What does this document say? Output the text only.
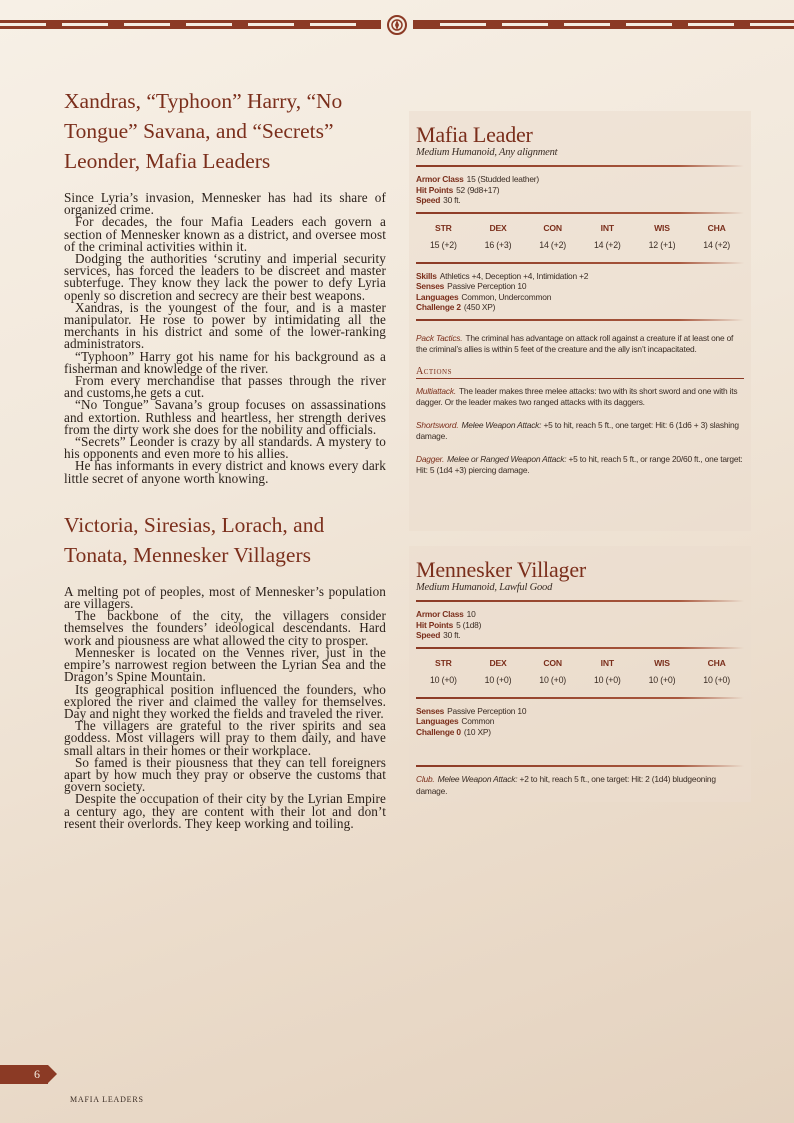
Xandras, “Typhoon” Harry, “No Tongue” Savana, and “Secrets” Leonder, Mafia Leaders

Since Lyria’s invasion, Mennesker has had its share of organized crime.

For decades, the four Mafia Leaders each govern a section of Mennesker known as a district, and oversee most of the criminal activities within it.

Dodging the authorities ‘scrutiny and imperial security services, has forced the leaders to be discreet and master subterfuge. They know they lack the power to defy Lyria openly so discretion and secrecy are their best weapons.

Xandras, is the youngest of the four, and is a master manipulator. He rose to power by intimidating all the merchants in his district and some of the lower-ranking administrators.

“Typhoon” Harry got his name for his background as a fisherman and knowledge of the river.

From every merchandise that passes through the river and customs,he gets a cut.

“No Tongue” Savana’s group focuses on assassinations and extortion. Ruthless and heartless, her strength derives from the dirty work she does for the nobility and officials.

“Secrets” Leonder is crazy by all standards. A mystery to his opponents and even more to his allies.

He has informants in every district and knows every dark little secret of anyone worth knowing.

Victoria, Siresias, Lorach, and Tonata, Mennesker Villagers

A melting pot of peoples, most of Mennesker’s population are villagers.

The backbone of the city, the villagers consider themselves the founders’ ideological descendants. Hard work and piousness are what allowed the city to prosper.

Mennesker is located on the Vennes river, just in the empire’s narrowest region between the Lyrian Sea and the Dragon’s Spine Mountain.

Its geographical position influenced the founders, who explored the river and claimed the valley for themselves. Day and night they worked the fields and traveled the river.

The villagers are grateful to the river spirits and sea goddess. Most villagers will pray to them daily, and have small altars in their homes or their workplace.

So famed is their piousness that they can tell foreigners apart by how much they pray or observe the customs that govern society.

Despite the occupation of their city by the Lyrian Empire a century ago, they are content with their lot and don’t resent their overlords. They keep working and toiling.

Mafia Leader
Medium Humanoid, Any alignment
Armor Class 15 (Studded leather)
Hit Points 52 (9d8+17)
Speed 30 ft.
STR
15 (+2)
DEX
16 (+3)
CON
14 (+2)
INT
14 (+2)
WIS
12 (+1)
CHA
14 (+2)
Skills Athletics +4, Deception +4, Intimidation +2
Senses Passive Perception 10
Languages Common, Undercommon
Challenge 2 (450 XP)
Pack Tactics. The criminal has advantage on attack roll against a creature if at least one of the criminal’s allies is within 5 feet of the creature and the ally isn’t incapacitated.
Actions
Multiattack. The leader makes three melee attacks: two with its short sword and one with its dagger. Or the leader makes two ranged attacks with its daggers.
Shortsword. Melee Weapon Attack: +5 to hit, reach 5 ft., one target: Hit: 6 (1d6 + 3) slashing damage.
Dagger. Melee or Ranged Weapon Attack: +5 to hit, reach 5 ft., or range 20/60 ft., one target: Hit: 5 (1d4 +3) piercing damage.
Mennesker Villager
Medium Humanoid, Lawful Good
Armor Class 10
Hit Points 5 (1d8)
Speed 30 ft.
STR
10 (+0)
DEX
10 (+0)
CON
10 (+0)
INT
10 (+0)
WIS
10 (+0)
CHA
10 (+0)
Senses Passive Perception 10
Languages Common
Challenge 0 (10 XP)
Club. Melee Weapon Attack: +2 to hit, reach 5 ft., one target: Hit: 2 (1d4) bludgeoning damage.
6
MAFIA LEADERS
